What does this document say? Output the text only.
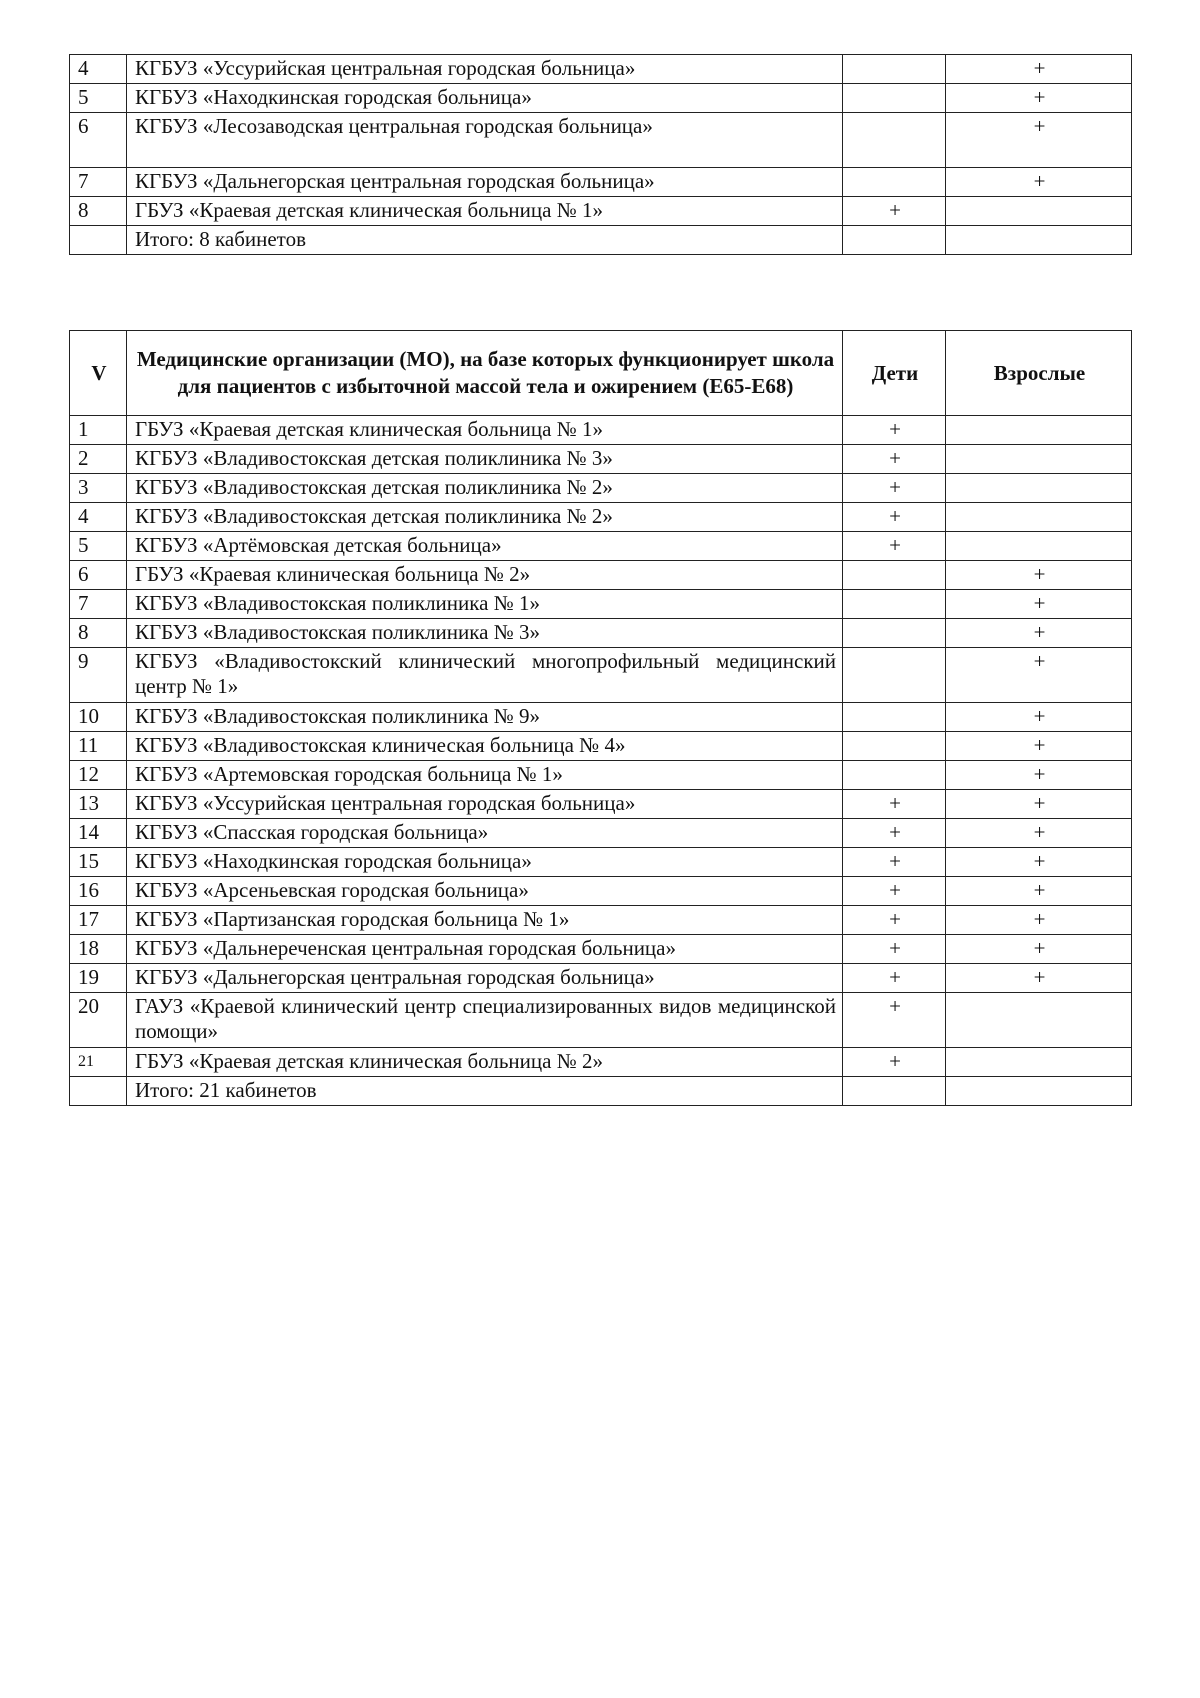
4	КГБУЗ «Уссурийская центральная городская больница»		+
5	КГБУЗ «Находкинская городская больница»		+
6	КГБУЗ «Лесозаводская центральная городская больница»		+
7	КГБУЗ «Дальнегорская центральная городская больница»		+
8	ГБУЗ «Краевая детская клиническая больница № 1»	+	
	Итого: 8 кабинетов		
V	Медицинские организации (МО), на базе которых функционирует школа для пациентов с избыточной массой тела и ожирением (Е65-Е68)	Дети	Взрослые
1	ГБУЗ «Краевая детская клиническая больница № 1»	+	
2	КГБУЗ «Владивостокская детская поликлиника № 3»	+	
3	КГБУЗ «Владивостокская детская поликлиника № 2»	+	
4	КГБУЗ «Владивостокская детская поликлиника № 2»	+	
5	КГБУЗ «Артёмовская детская больница»	+	
6	ГБУЗ «Краевая клиническая больница № 2»		+
7	КГБУЗ «Владивостокская поликлиника № 1»		+
8	КГБУЗ «Владивостокская поликлиника № 3»		+
9	КГБУЗ «Владивостокский клинический многопрофильный медицинский центр № 1»		+
10	КГБУЗ «Владивостокская поликлиника № 9»		+
11	КГБУЗ «Владивостокская клиническая больница № 4»		+
12	КГБУЗ «Артемовская городская больница № 1»		+
13	КГБУЗ «Уссурийская центральная городская больница»	+	+
14	КГБУЗ «Спасская городская больница»	+	+
15	КГБУЗ «Находкинская городская больница»	+	+
16	КГБУЗ «Арсеньевская городская больница»	+	+
17	КГБУЗ «Партизанская городская больница № 1»	+	+
18	КГБУЗ «Дальнереченская центральная городская больница»	+	+
19	КГБУЗ «Дальнегорская центральная городская больница»	+	+
20	ГАУЗ «Краевой клинический центр специализированных видов медицинской помощи»	+	
21	ГБУЗ «Краевая детская клиническая больница № 2»	+	
	Итого: 21 кабинетов		
